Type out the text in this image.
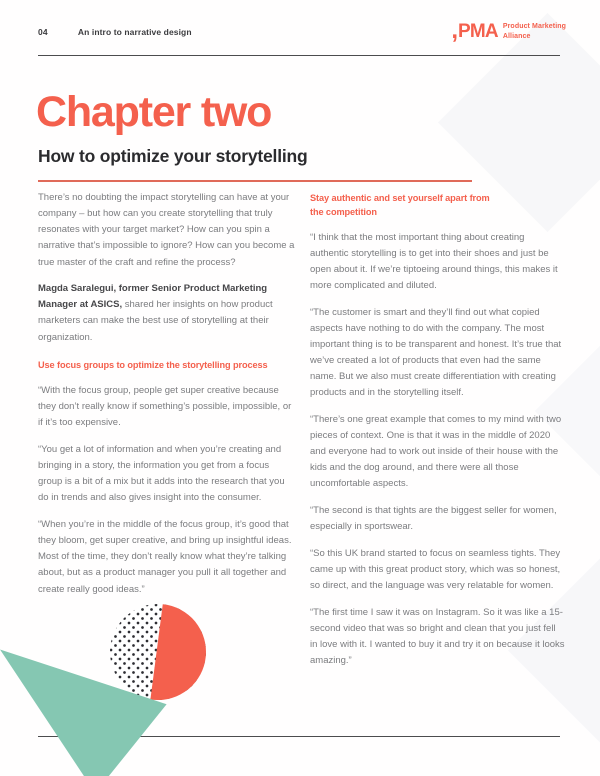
04	An intro to narrative design	, PMA Product Marketing
Alliance
Chapter two
How to optimize your storytelling

There’s no doubting the impact storytelling can have at your company – but how can you create storytelling that truly resonates with your target market? How can you spin a narrative that’s impossible to ignore? How can you become a true master of the craft and refine the process?

Magda Saralegui, former Senior Product Marketing Manager at ASICS, shared her insights on how product marketers can make the best use of storytelling at their organization.

Use focus groups to optimize the storytelling process

“With the focus group, people get super creative because they don’t really know if something’s possible, impossible, or if it’s too expensive.

“You get a lot of information and when you’re creating and bringing in a story, the information you get from a focus group is a bit of a mix but it adds into the research that you do in trends and also gives insight into the consumer.

“When you’re in the middle of the focus group, it’s good that they bloom, get super creative, and bring up insightful ideas. Most of the time, they don’t really know what they’re talking about, but as a product manager you pull it all together and create really good ideas.”

Stay authentic and set yourself apart from
the competition

“I think that the most important thing about creating authentic storytelling is to get into their shoes and just be open about it. If we’re tiptoeing around things, this makes it more complicated and diluted.

“The customer is smart and they’ll find out what copied aspects have nothing to do with the company. The most important thing is to be transparent and honest. It’s true that we’ve created a lot of products that even had the same name. But we also must create differentiation with creating products and in the storytelling itself.

“There’s one great example that comes to my mind with two pieces of context. One is that it was in the middle of 2020 and everyone had to work out inside of their house with the kids and the dog around, and there were all those uncomfortable aspects.

“The second is that tights are the biggest seller for women, especially in sportswear.

“So this UK brand started to focus on seamless tights. They came up with this great product story, which was so honest, so direct, and the language was very relatable for women.

“The first time I saw it was on Instagram. So it was like a 15-second video that was so bright and clean that you just fell in love with it. I wanted to buy it and try it on because it looks amazing.”
